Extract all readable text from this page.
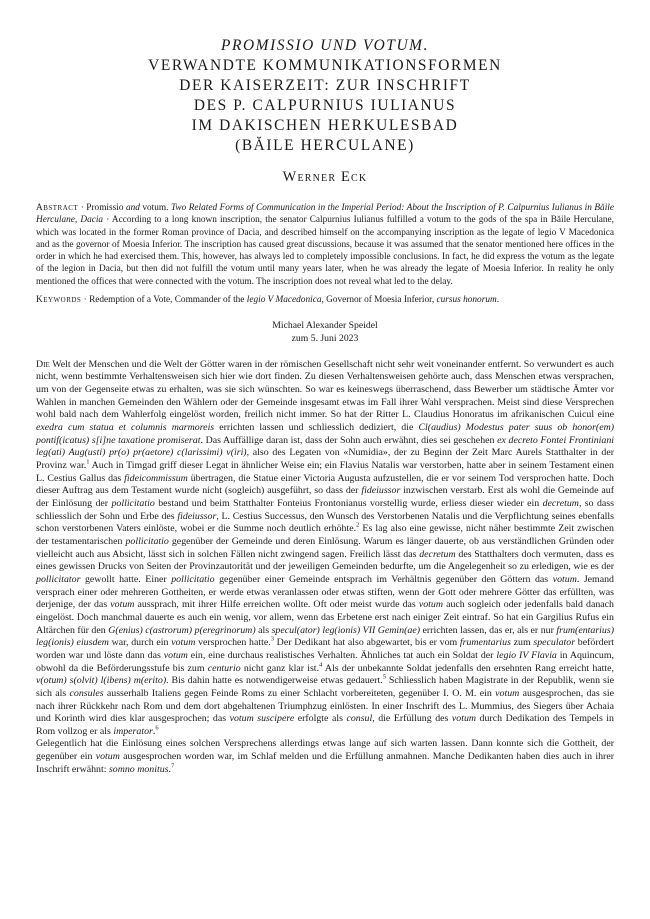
PROMISSIO UND VOTUM.
VERWANDTE KOMMUNIKATIONSFORMEN
DER KAISERZEIT: ZUR INSCHRIFT
DES P. CALPURNIUS IULIANUS
IM DAKISCHEN HERKULESBAD
(BĂILE HERCULANE)
Werner Eck
Abstract · Promissio and votum. Two Related Forms of Communication in the Imperial Period: About the Inscription of P. Calpurnius Iulianus in Băile Herculane, Dacia · According to a long known inscription, the senator Calpurnius Iulianus fulfilled a votum to the gods of the spa in Băile Herculane, which was located in the former Roman province of Dacia, and described himself on the accompanying inscription as the legate of legio V Macedonica and as the governor of Moesia Inferior. The inscription has caused great discussions, because it was assumed that the senator mentioned here offices in the order in which he had exercised them. This, however, has always led to completely impossible conclusions. In fact, he did express the votum as the legate of the legion in Dacia, but then did not fulfill the votum until many years later, when he was already the legate of Moesia Inferior. In reality he only mentioned the offices that were connected with the votum. The inscription does not reveal what led to the delay.
Keywords · Redemption of a Vote, Commander of the legio V Macedonica, Governor of Moesia Inferior, cursus honorum.
Michael Alexander Speidel
zum 5. Juni 2023

Die Welt der Menschen und die Welt der Götter waren in der römischen Gesellschaft nicht sehr weit voneinander entfernt. So verwundert es auch nicht, wenn bestimmte Verhaltensweisen sich hier wie dort finden. Zu diesen Verhaltensweisen gehörte auch, dass Menschen etwas versprachen, um von der Gegenseite etwas zu erhalten, was sie sich wünschten. So war es keineswegs überraschend, dass Bewerber um städtische Ämter vor Wahlen in manchen Gemeinden den Wählern oder der Gemeinde insgesamt etwas im Fall ihrer Wahl versprachen. Meist sind diese Versprechen wohl bald nach dem Wahlerfolg eingelöst worden, freilich nicht immer. So hat der Ritter L. Claudius Honoratus im afrikanischen Cuicul eine exedra cum statua et columnis marmoreis errichten lassen und schliesslich dediziert, die Cl(audius) Modestus pater suus ob honor(em) pontif(icatus) s[i]ne taxatione promiserat. Das Auffällige daran ist, dass der Sohn auch erwähnt, dies sei geschehen ex decreto Fontei Frontiniani leg(ati) Aug(usti) pr(o) pr(aetore) c(larissimi) v(iri), also des Legaten von «Numidia», der zu Beginn der Zeit Marc Aurels Statthalter in der Provinz war.$^1$ Auch in Timgad griff dieser Legat in ähnlicher Weise ein; ein Flavius Natalis war verstorben, hatte aber in seinem Testament einen L. Cestius Gallus das fideicommissum übertragen, die Statue einer Victoria Augusta aufzustellen, die er vor seinem Tod versprochen hatte. Doch dieser Auftrag aus dem Testament wurde nicht (sogleich) ausgeführt, so dass der fideiussor inzwischen verstarb. Erst als wohl die Gemeinde auf der Einlösung der pollicitatio bestand und beim Statthalter Fonteius Frontonianus vorstellig wurde, erliess dieser wieder ein decretum, so dass schliesslich der Sohn und Erbe des fideiussor, L. Cestius Successus, den Wunsch des Verstorbenen Natalis und die Verpflichtung seines ebenfalls schon verstorbenen Vaters einlöste, wobei er die Summe noch deutlich erhöhte.$^2$ Es lag also eine gewisse, nicht näher bestimmte Zeit zwischen der testamentarischen pollicitatio gegenüber der Gemeinde und deren Einlösung. Warum es länger dauerte, ob aus verständlichen Gründen oder vielleicht auch aus Absicht, lässt sich in solchen Fällen nicht zwingend sagen. Freilich lässt das decretum des Statthalters doch vermuten, dass es eines gewissen Drucks von Seiten der Provinzautorität und der jeweiligen Gemeinden bedurfte, um die Angelegenheit so zu erledigen, wie es der pollicitator gewollt hatte. Einer pollicitatio gegenüber einer Gemeinde entsprach im Verhältnis gegenüber den Göttern das votum. Jemand versprach einer oder mehreren Gottheiten, er werde etwas veranlassen oder etwas stiften, wenn der Gott oder mehrere Götter das erfüllten, was derjenige, der das votum aussprach, mit ihrer Hilfe erreichen wollte. Oft oder meist wurde das votum auch sogleich oder jedenfalls bald danach eingelöst. Doch manchmal dauerte es auch ein wenig, vor allem, wenn das Erbetene erst nach einiger Zeit eintraf. So hat ein Gargilius Rufus ein Altärchen für den G(enius) c(astrorum) p(eregrinorum) als specul(ator) leg(ionis) VII Gemin(ae) errichten lassen, das er, als er nur frum(entarius) leg(ionis) eiusdem war, durch ein votum versprochen hatte.$^3$ Der Dedikant hat also abgewartet, bis er vom frumentarius zum speculator befördert worden war und löste dann das votum ein, eine durchaus realistisches Verhalten. Ähnliches tat auch ein Soldat der legio IV Flavia in Aquincum, obwohl da die Beförderungsstufe bis zum centurio nicht ganz klar ist.$^4$ Als der unbekannte Soldat jedenfalls den ersehnten Rang erreicht hatte, v(otum) s(olvit) l(ibens) m(erito). Bis dahin hatte es notwendigerweise etwas gedauert.$^5$ Schliesslich haben Magistrate in der Republik, wenn sie sich als consules ausserhalb Italiens gegen Feinde Roms zu einer Schlacht vorbereiteten, gegenüber I. O. M. ein votum ausgesprochen, das sie nach ihrer Rückkehr nach Rom und dem dort abgehaltenen Triumphzug einlösten. In einer Inschrift des L. Mummius, des Siegers über Achaia und Korinth wird dies klar ausgesprochen; das votum suscipere erfolgte als consul, die Erfüllung des votum durch Dedikation des Tempels in Rom vollzog er als imperator.$^6$

Gelegentlich hat die Einlösung eines solchen Versprechens allerdings etwas lange auf sich warten lassen. Dann konnte sich die Gottheit, der gegenüber ein votum ausgesprochen worden war, im Schlaf melden und die Erfüllung anmahnen. Manche Dedikanten haben dies auch in ihrer Inschrift erwähnt: somno monitus.$^7$
